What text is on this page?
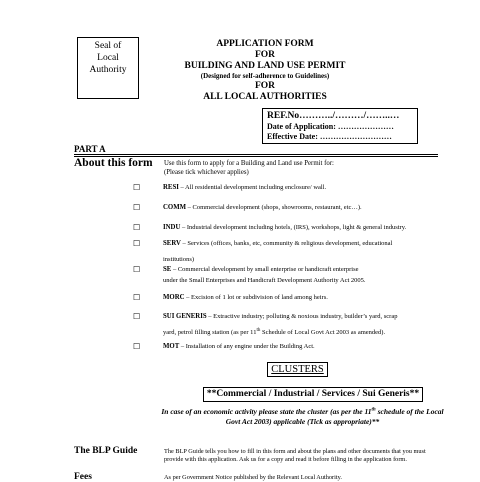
Seal of
Local
Authority
APPLICATION FORM
FOR
BUILDING AND LAND USE PERMIT
(Designed for self-adherence to Guidelines)
FOR
ALL LOCAL AUTHORITIES
REF.No………../………/……..…
Date of Application: …………………
Effective Date: ………………………
PART A
About this form Use this form to apply for a Building and Land use Permit for:
(Please tick whichever applies)
☐	RESI – All residential development including enclosure/ wall.
☐	COMM – Commercial development (shops, showrooms, restaurant, etc…).
☐	INDU – Industrial development including hotels, (IRS), workshops, light & general industry.
☐	SERV – Services (offices, banks, etc, community & religious development, educational
institutions)
☐	SE – Commercial development by small enterprise or handicraft enterprise
under the Small Enterprises and Handicraft Development Authority Act 2005.
☐	MORC – Excision of 1 lot or subdivision of land among heirs.
☐	SUI GENERIS – Extractive industry; polluting & noxious industry, builder’s yard, scrap
yard, petrol filling station (as per 11th Schedule of Local Govt Act 2003 as amended).
☐	MOT – Installation of any engine under the Building Act.
CLUSTERS
**Commercial / Industrial / Services / Sui Generis**
In case of an economic activity please state the cluster (as per the 11th schedule of the Local Govt Act 2003) applicable (Tick as appropriate)**
The BLP Guide	The BLP Guide tells you how to fill in this form and about the plans and other documents that you must provide with this application. Ask us for a copy and read it before filling in the application form.
Fees	As per Government Notice published by the Relevant Local Authority.
